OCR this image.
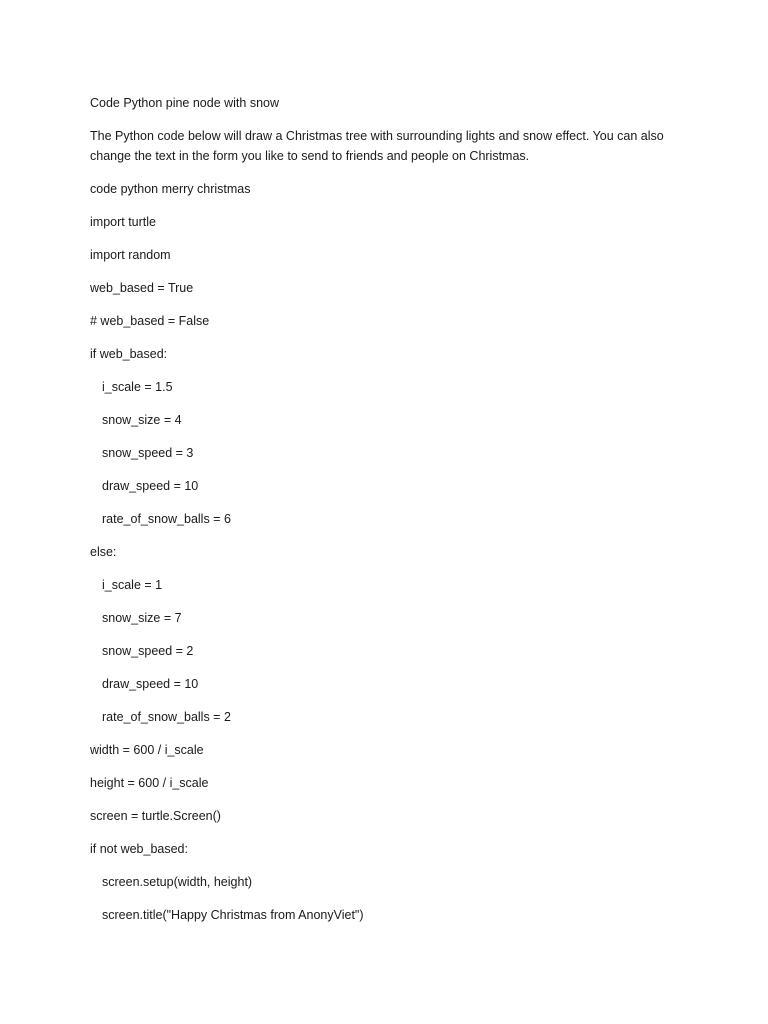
Code Python pine node with snow
The Python code below will draw a Christmas tree with surrounding lights and snow effect. You can also
change the text in the form you like to send to friends and people on Christmas.
code python merry christmas
import turtle
import random
web_based = True
# web_based = False
if web_based:
i_scale = 1.5
snow_size = 4
snow_speed = 3
draw_speed = 10
rate_of_snow_balls = 6
else:
i_scale = 1
snow_size = 7
snow_speed = 2
draw_speed = 10
rate_of_snow_balls = 2
width = 600 / i_scale
height = 600 / i_scale
screen = turtle.Screen()
if not web_based:
screen.setup(width, height)
screen.title("Happy Christmas from AnonyViet")
